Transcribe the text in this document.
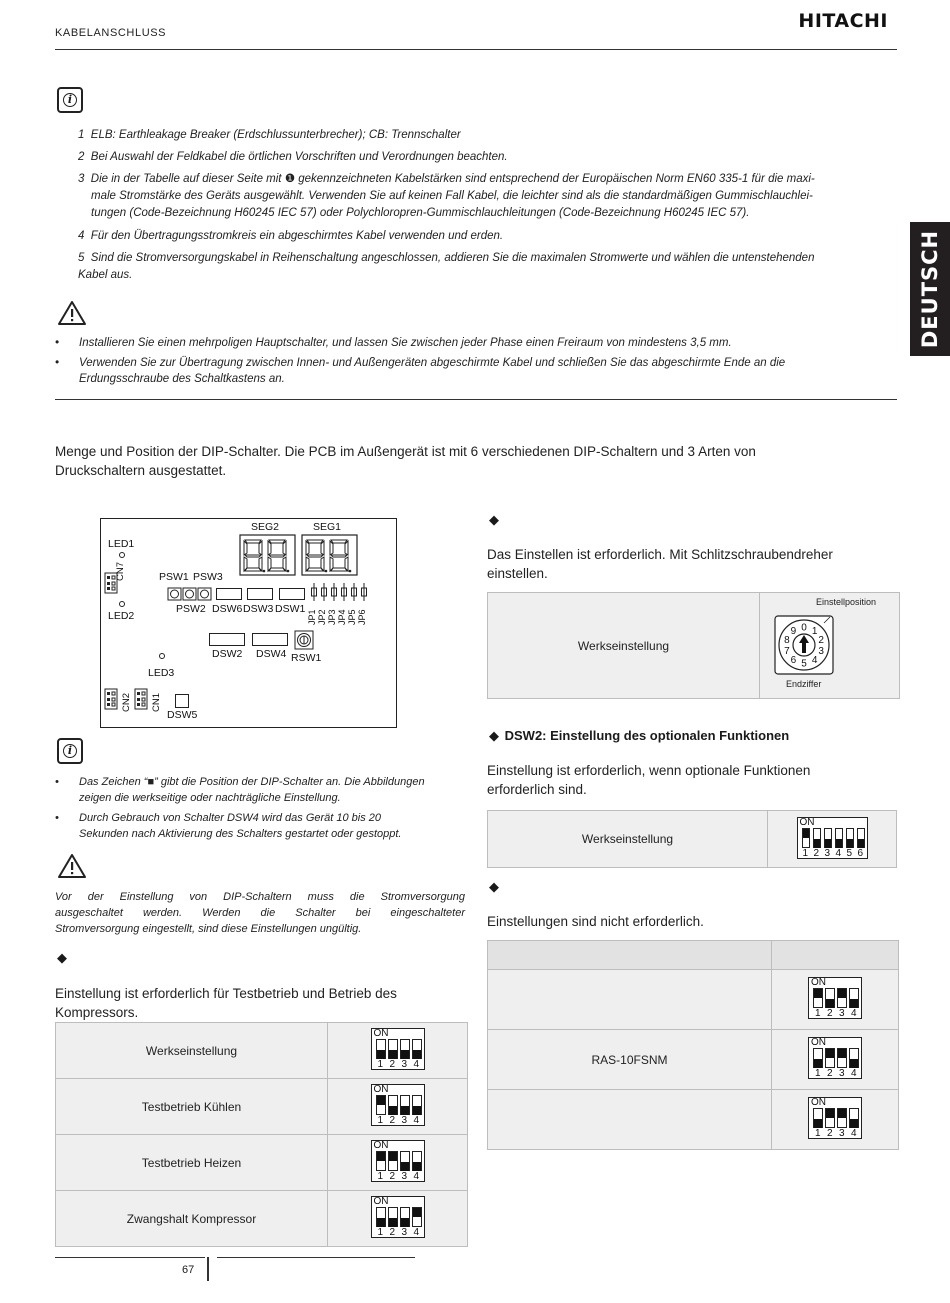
KABELANSCHLUSS
HITACHI
DEUTSCH
i
1 ELB: Earthleakage Breaker (Erdschlussunterbrecher); CB: Trennschalter
2 Bei Auswahl der Feldkabel die örtlichen Vorschriften und Verordnungen beachten.
3 Die in der Tabelle auf dieser Seite mit ❶ gekennzeichneten Kabelstärken sind entsprechend der Europäischen Norm EN60 335-1 für die maxi-
male Stromstärke des Geräts ausgewählt. Verwenden Sie auf keinen Fall Kabel, die leichter sind als die standardmäßigen Gummischlauchlei-
tungen (Code-Bezeichnung H60245 IEC 57) oder Polychloropren-Gummischlauchleitungen (Code-Bezeichnung H60245 IEC 57).
4 Für den Übertragungsstromkreis ein abgeschirmtes Kabel verwenden und erden.
5 Sind die Stromversorgungskabel in Reihenschaltung angeschlossen, addieren Sie die maximalen Stromwerte und wählen die untenstehenden
Kabel aus.
• Installieren Sie einen mehrpoligen Hauptschalter, und lassen Sie zwischen jeder Phase einen Freiraum von mindestens 3,5 mm.
• Verwenden Sie zur Übertragung zwischen Innen- und Außengeräten abgeschirmte Kabel und schließen Sie das abgeschirmte Ende an die
Erdungsschraube des Schaltkastens an.
Menge und Position der DIP-Schalter. Die PCB im Außengerät ist mit 6 verschiedenen DIP-Schaltern und 3 Arten von
Druckschaltern ausgestattet.
SEG2	SEG1
LED1
CN7
LED2
PSW1 PSW3
PSW2 DSW6 DSW3 DSW1
JP1 JP2 JP3 JP4 JP5 JP6
DSW2 DSW4 RSW1
LED3
CN2 CN1
DSW5
i
• Das Zeichen “■” gibt die Position der DIP-Schalter an. Die Abbildungen
zeigen die werkseitige oder nachträgliche Einstellung.
• Durch Gebrauch von Schalter DSW4 wird das Gerät 10 bis 20
Sekunden nach Aktivierung des Schalters gestartet oder gestoppt.
Vor der Einstellung von DIP-Schaltern muss die Stromversorgung
ausgeschaltet werden. Werden die Schalter bei eingeschalteter
Stromversorgung eingestellt, sind diese Einstellungen ungültig.
◆
Einstellung ist erforderlich für Testbetrieb und Betrieb des
Kompressors.
Werkseinstellung	ON
1 2 3 4

Testbetrieb Kühlen	ON
1 2 3 4

Testbetrieb Heizen	ON
1 2 3 4

Zwangshalt Kompressor	ON
1 2 3 4
◆
Das Einstellen ist erforderlich. Mit Schlitzschraubendreher
einstellen.
Werkseinstellung	
Einstellposition
0 1
2
3
4
5
6
7
8
9
Endziffer
◆ DSW2: Einstellung des optionalen Funktionen
Einstellung ist erforderlich, wenn optionale Funktionen
erforderlich sind.
Werkseinstellung	
ON
1 2 3 4 5 6
◆
Einstellungen sind nicht erforderlich.

	ON
1 2 3 4

RAS-10FSNM	ON
1 2 3 4

	ON
1 2 3 4
67
